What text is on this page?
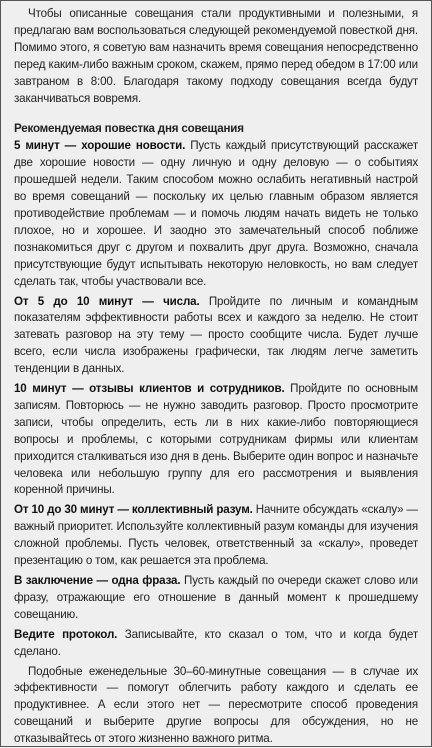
Чтобы описанные совещания стали продуктивными и полезными, я предлагаю вам воспользоваться следующей рекомендуемой повесткой дня. Помимо этого, я советую вам назначить время совещания непосредственно перед каким-либо важным сроком, скажем, прямо перед обедом в 17:00 или завтраном в 8:00. Благодаря такому подходу совещания всегда будут заканчиваться вовремя.

Рекомендуемая повестка дня совещания

5 минут — хорошие новости. Пусть каждый присутствующий расскажет две хорошие новости — одну личную и одну деловую — о событиях прошедшей недели. Таким способом можно ослабить негативный настрой во время совещаний — поскольку их целью главным образом является противодействие проблемам — и помочь людям начать видеть не только плохое, но и хорошее. И заодно это замечательный способ поближе познакомиться друг с другом и похвалить друг друга. Возможно, сначала присутствующие будут испытывать некоторую неловкость, но вам следует сделать так, чтобы участвовали все.

От 5 до 10 минут — числа. Пройдите по личным и командным показателям эффективности работы всех и каждого за неделю. Не стоит затевать разговор на эту тему — просто сообщите числа. Будет лучше всего, если числа изображены графически, так людям легче заметить тенденции в данных.

10 минут — отзывы клиентов и сотрудников. Пройдите по основным записям. Повторюсь — не нужно заводить разговор. Просто просмотрите записи, чтобы определить, есть ли в них какие-либо повторяющиеся вопросы и проблемы, с которыми сотрудникам фирмы или клиентам приходится сталкиваться изо дня в день. Выберите один вопрос и назначьте человека или небольшую группу для его рассмотрения и выявления коренной причины.

От 10 до 30 минут — коллективный разум. Начните обсуждать «скалу» — важный приоритет. Используйте коллективный разум команды для изучения сложной проблемы. Пусть человек, ответственный за «скалу», проведет презентацию о том, как решается эта проблема.

В заключение — одна фраза. Пусть каждый по очереди скажет слово или фразу, отражающие его отношение в данный момент к прошедшему совещанию.

Ведите протокол. Записывайте, кто сказал о том, что и когда будет сделано.

Подобные еженедельные 30–60-минутные совещания — в случае их эффективности — помогут облегчить работу каждого и сделать ее продуктивнее. А если этого нет — пересмотрите способ проведения совещаний и выберите другие вопросы для обсуждения, но не отказывайтесь от этого жизненно важного ритма.
